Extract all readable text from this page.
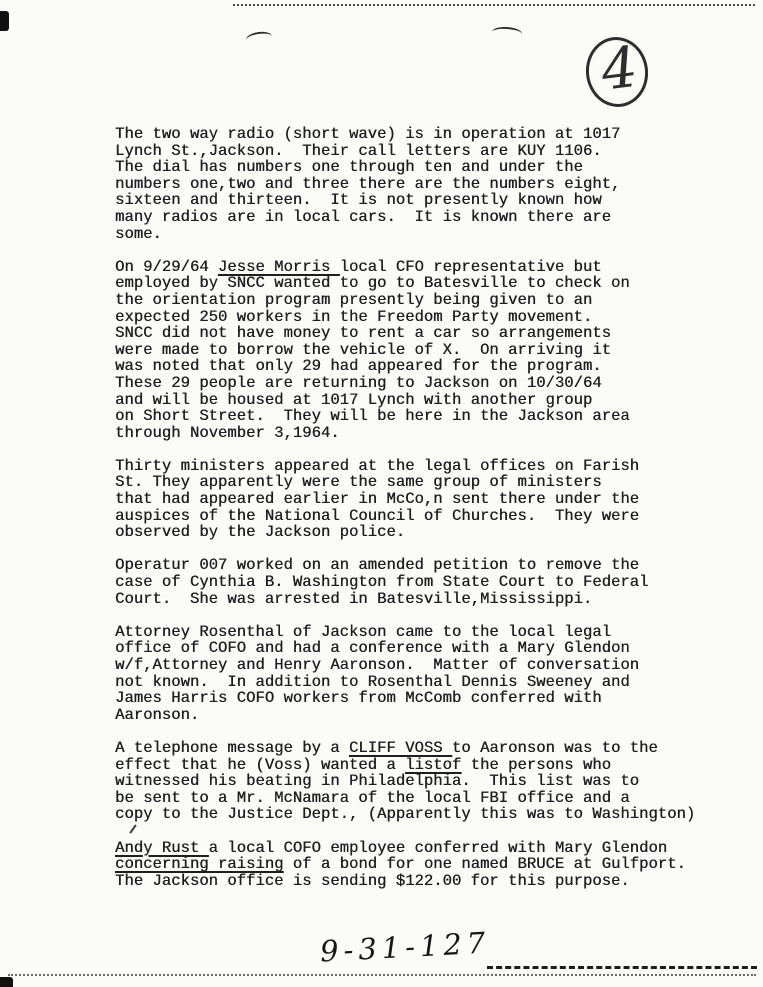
4

The two way radio (short wave) is in operation at 1017
Lynch St.,Jackson.  Their call letters are KUY 1106.
The dial has numbers one through ten and under the
numbers one,two and three there are the numbers eight,
sixteen and thirteen.  It is not presently known how
many radios are in local cars.  It is known there are
some.

On 9/29/64 Jesse Morris local CFO representative but
employed by SNCC wanted to go to Batesville to check on
the orientation program presently being given to an
expected 250 workers in the Freedom Party movement.
SNCC did not have money to rent a car so arrangements
were made to borrow the vehicle of X.  On arriving it
was noted that only 29 had appeared for the program.
These 29 people are returning to Jackson on 10/30/64
and will be housed at 1017 Lynch with another group
on Short Street.  They will be here in the Jackson area
through November 3,1964.

Thirty ministers appeared at the legal offices on Farish
St. They apparently were the same group of ministers
that had appeared earlier in McCo,n sent there under the
auspices of the National Council of Churches.  They were
observed by the Jackson police.

Operatur 007 worked on an amended petition to remove the
case of Cynthia B. Washington from State Court to Federal
Court.  She was arrested in Batesville,Mississippi.

Attorney Rosenthal of Jackson came to the local legal
office of COFO and had a conference with a Mary Glendon
w/f,Attorney and Henry Aaronson.  Matter of conversation
not known.  In addition to Rosenthal Dennis Sweeney and
James Harris COFO workers from McComb conferred with
Aaronson.

A telephone message by a CLIFF VOSS to Aaronson was to the
effect that he (Voss) wanted a listof the persons who
witnessed his beating in Philadelphia.  This list was to
be sent to a Mr. McNamara of the local FBI office and a
copy to the Justice Dept., (Apparently this was to Washington)

Andy Rust a local COFO employee conferred with Mary Glendon
concerning raising of a bond for one named BRUCE at Gulfport.
The Jackson office is sending $122.00 for this purpose.

9-31-127
